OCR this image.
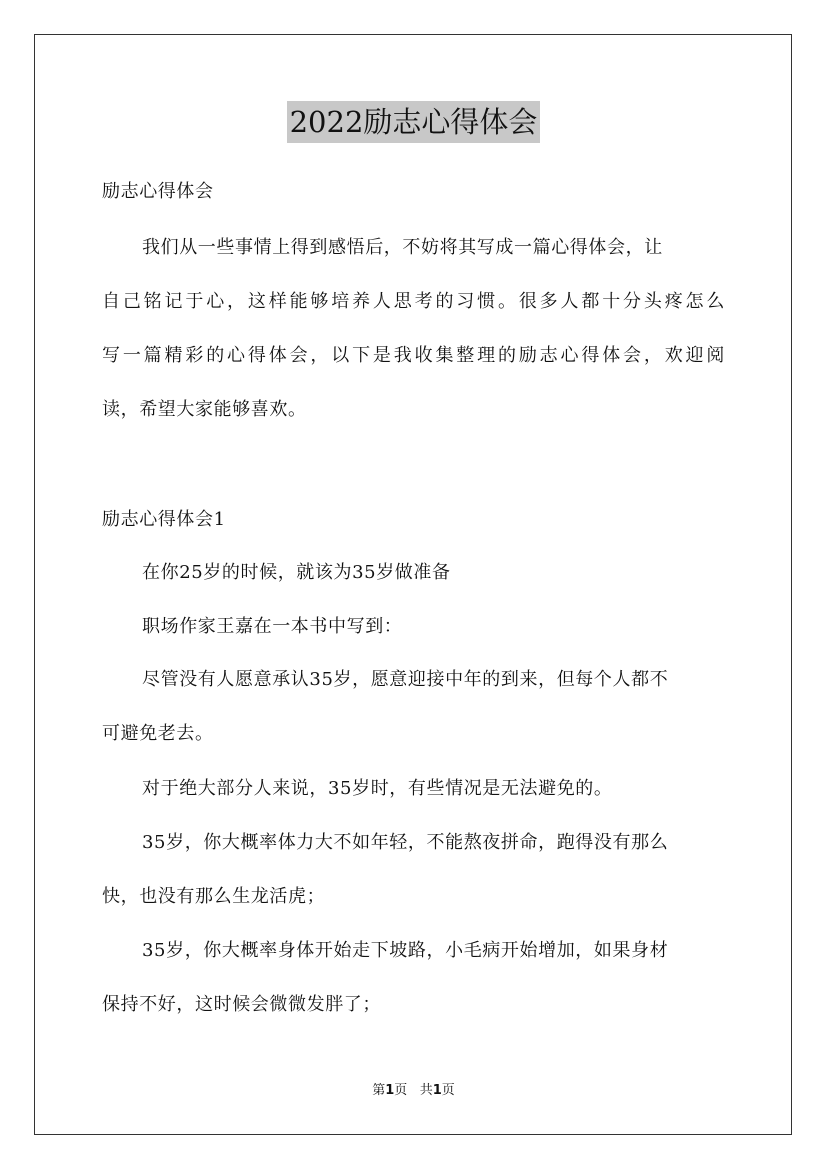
2022励志心得体会
励志心得体会
我们从一些事情上得到感悟后，不妨将其写成一篇心得体会，让
自己铭记于心，这样能够培养人思考的习惯。很多人都十分头疼怎么
写一篇精彩的心得体会，以下是我收集整理的励志心得体会，欢迎阅
读，希望大家能够喜欢。
励志心得体会1
在你25岁的时候，就该为35岁做准备
职场作家王嘉在一本书中写到：
尽管没有人愿意承认35岁，愿意迎接中年的到来，但每个人都不
可避免老去。
对于绝大部分人来说，35岁时，有些情况是无法避免的。
35岁，你大概率体力大不如年轻，不能熬夜拼命，跑得没有那么
快，也没有那么生龙活虎；
35岁，你大概率身体开始走下坡路，小毛病开始增加，如果身材
保持不好，这时候会微微发胖了；
第1页 共1页
